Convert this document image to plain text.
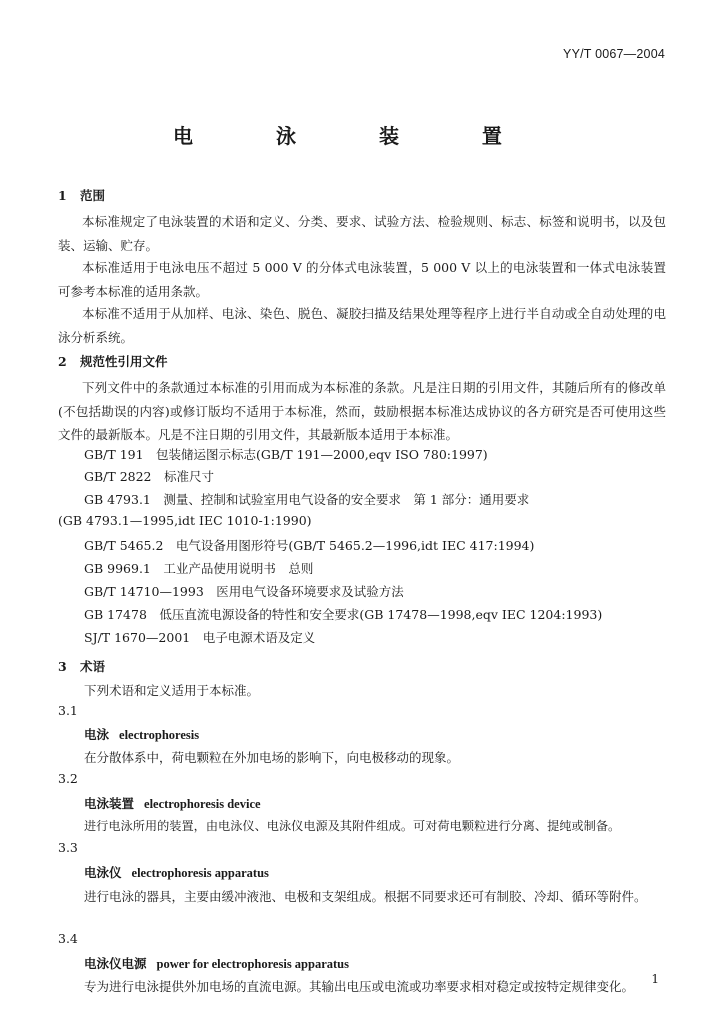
YY/T 0067—2004
电 泳 装 置
1 范围
本标准规定了电泳装置的术语和定义、分类、要求、试验方法、检验规则、标志、标签和说明书，以及包装、运输、贮存。
本标准适用于电泳电压不超过 5 000 V 的分体式电泳装置，5 000 V 以上的电泳装置和一体式电泳装置可参考本标准的适用条款。
本标准不适用于从加样、电泳、染色、脱色、凝胶扫描及结果处理等程序上进行半自动或全自动处理的电泳分析系统。
2 规范性引用文件
下列文件中的条款通过本标准的引用而成为本标准的条款。凡是注日期的引用文件，其随后所有的修改单(不包括勘误的内容)或修订版均不适用于本标准，然而，鼓励根据本标准达成协议的各方研究是否可使用这些文件的最新版本。凡是不注日期的引用文件，其最新版本适用于本标准。
GB/T 191　包装储运图示标志(GB/T 191—2000,eqv ISO 780:1997)
GB/T 2822　标准尺寸
GB 4793.1　测量、控制和试验室用电气设备的安全要求　第 1 部分：通用要求
(GB 4793.1—1995,idt IEC 1010-1:1990)
GB/T 5465.2　电气设备用图形符号(GB/T 5465.2—1996,idt IEC 417:1994)
GB 9969.1　工业产品使用说明书　总则
GB/T 14710—1993　医用电气设备环境要求及试验方法
GB 17478　低压直流电源设备的特性和安全要求(GB 17478—1998,eqv IEC 1204:1993)
SJ/T 1670—2001　电子电源术语及定义
3 术语
下列术语和定义适用于本标准。
3.1
电泳 electrophoresis
在分散体系中，荷电颗粒在外加电场的影响下，向电极移动的现象。
3.2
电泳装置 electrophoresis device
进行电泳所用的装置，由电泳仪、电泳仪电源及其附件组成。可对荷电颗粒进行分离、提纯或制备。
3.3
电泳仪 electrophoresis apparatus
进行电泳的器具，主要由缓冲液池、电极和支架组成。根据不同要求还可有制胶、冷却、循环等附件。
3.4
电泳仪电源 power for electrophoresis apparatus
专为进行电泳提供外加电场的直流电源。其输出电压或电流或功率要求相对稳定或按特定规律变化。	1
